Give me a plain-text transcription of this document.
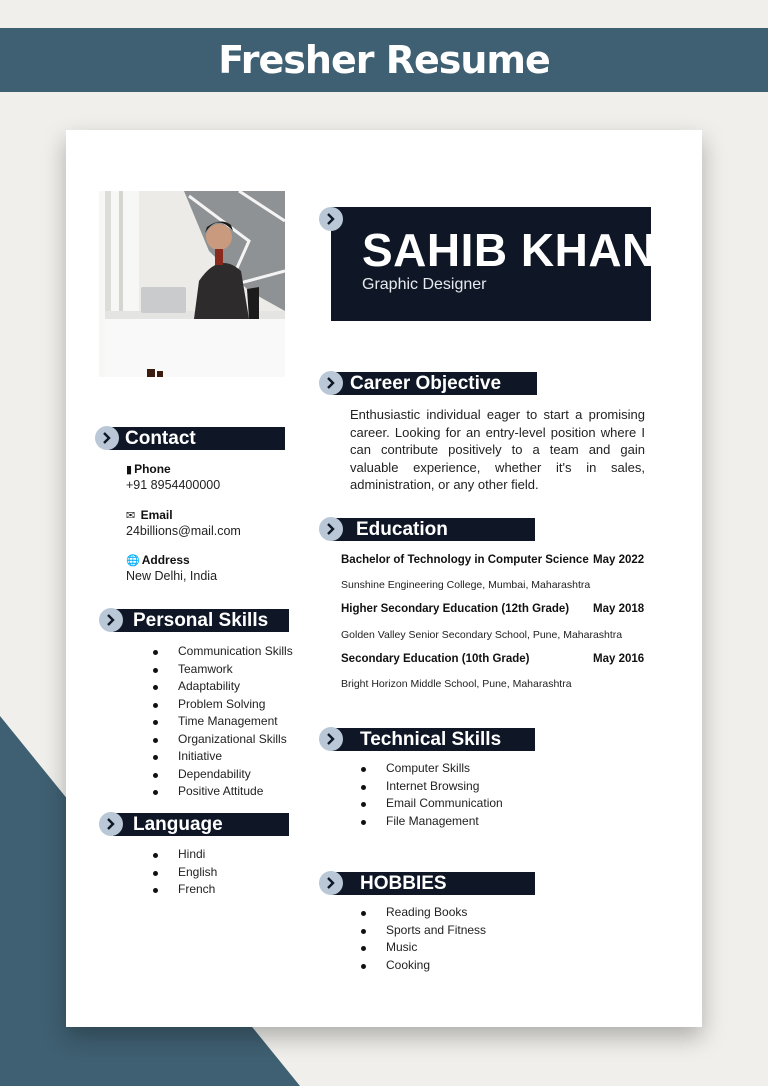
Fresher Resume
SAHIB KHAN
Graphic Designer
Contact
▮ Phone
+91 8954400000
✉ Email
24billions@mail.com
🌐 Address
New Delhi, India
Personal Skills
Communication Skills
Teamwork
Adaptability
Problem Solving
Time Management
Organizational Skills
Initiative
Dependability
Positive Attitude
Language
Hindi
English
French
Career Objective
Enthusiastic individual eager to start a promising career. Looking for an entry-level position where I can contribute positively to a team and gain valuable experience, whether it's in sales, administration, or any other field.
Education
Bachelor of Technology in Computer Science May 2022
Sunshine Engineering College, Mumbai, Maharashtra
Higher Secondary Education (12th Grade) May 2018
Golden Valley Senior Secondary School, Pune, Maharashtra
Secondary Education (10th Grade)	May 2016
Bright Horizon Middle School, Pune, Maharashtra
Technical Skills
Computer Skills
Internet Browsing
Email Communication
File Management
HOBBIES
Reading Books
Sports and Fitness
Music
Cooking
